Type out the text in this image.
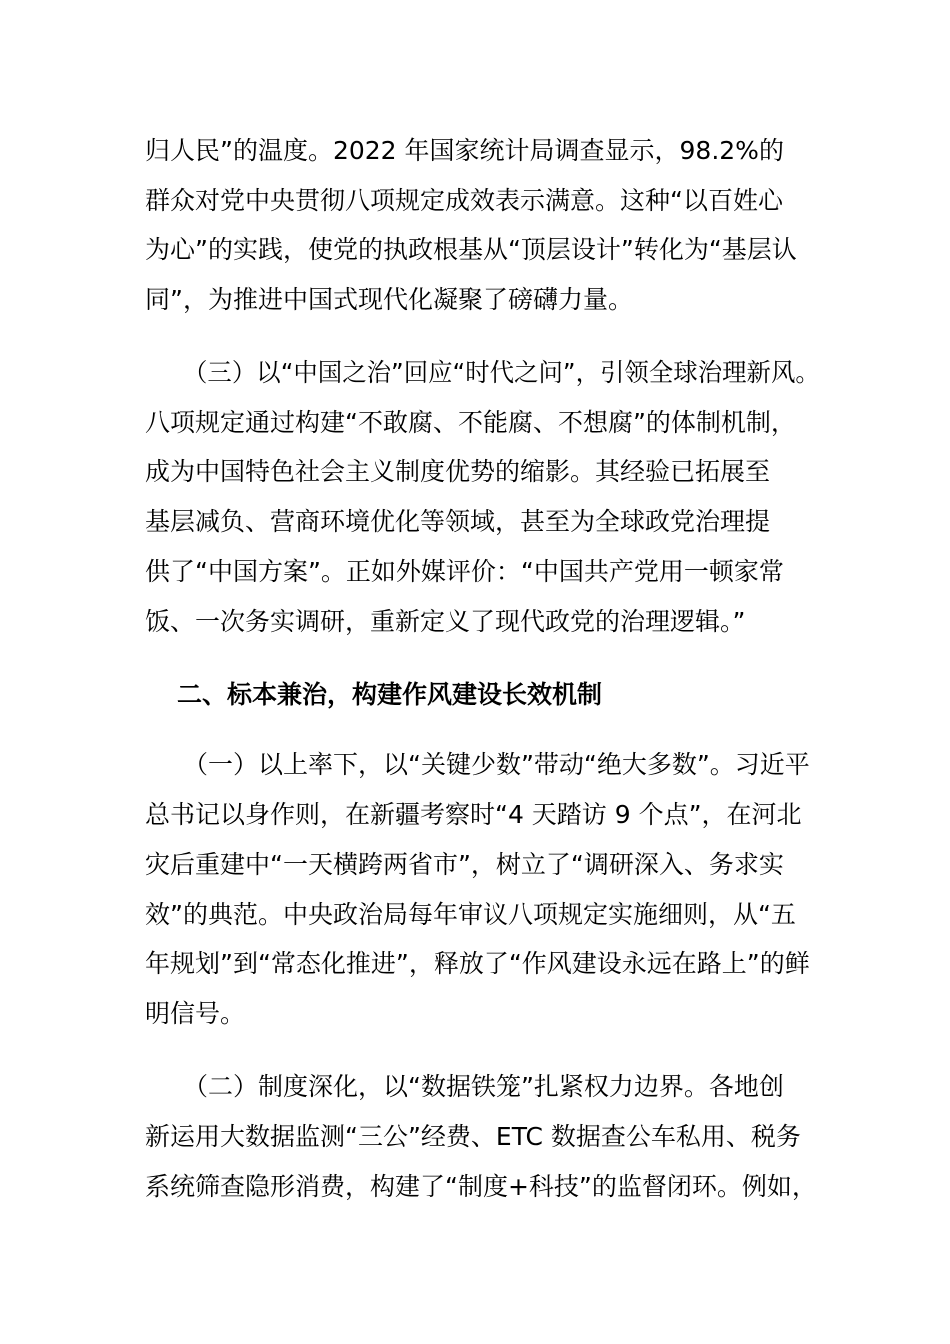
归人民”的温度。2022 年国家统计局调查显示，98.2%的
群众对党中央贯彻八项规定成效表示满意。这种“以百姓心
为心”的实践，使党的执政根基从“顶层设计”转化为“基层认
同”，为推进中国式现代化凝聚了磅礴力量。
（三）以“中国之治”回应“时代之问”，引领全球治理新风。
八项规定通过构建“不敢腐、不能腐、不想腐”的体制机制，
成为中国特色社会主义制度优势的缩影。其经验已拓展至
基层减负、营商环境优化等领域，甚至为全球政党治理提
供了“中国方案”。正如外媒评价：“中国共产党用一顿家常
饭、一次务实调研，重新定义了现代政党的治理逻辑。”
二、标本兼治，构建作风建设长效机制
（一）以上率下，以“关键少数”带动“绝大多数”。习近平
总书记以身作则，在新疆考察时“4 天踏访 9 个点”，在河北
灾后重建中“一天横跨两省市”，树立了“调研深入、务求实
效”的典范。中央政治局每年审议八项规定实施细则，从“五
年规划”到“常态化推进”，释放了“作风建设永远在路上”的鲜
明信号。
（二）制度深化，以“数据铁笼”扎紧权力边界。各地创
新运用大数据监测“三公”经费、ETC 数据查公车私用、税务
系统筛查隐形消费，构建了“制度+科技”的监督闭环。例如，
